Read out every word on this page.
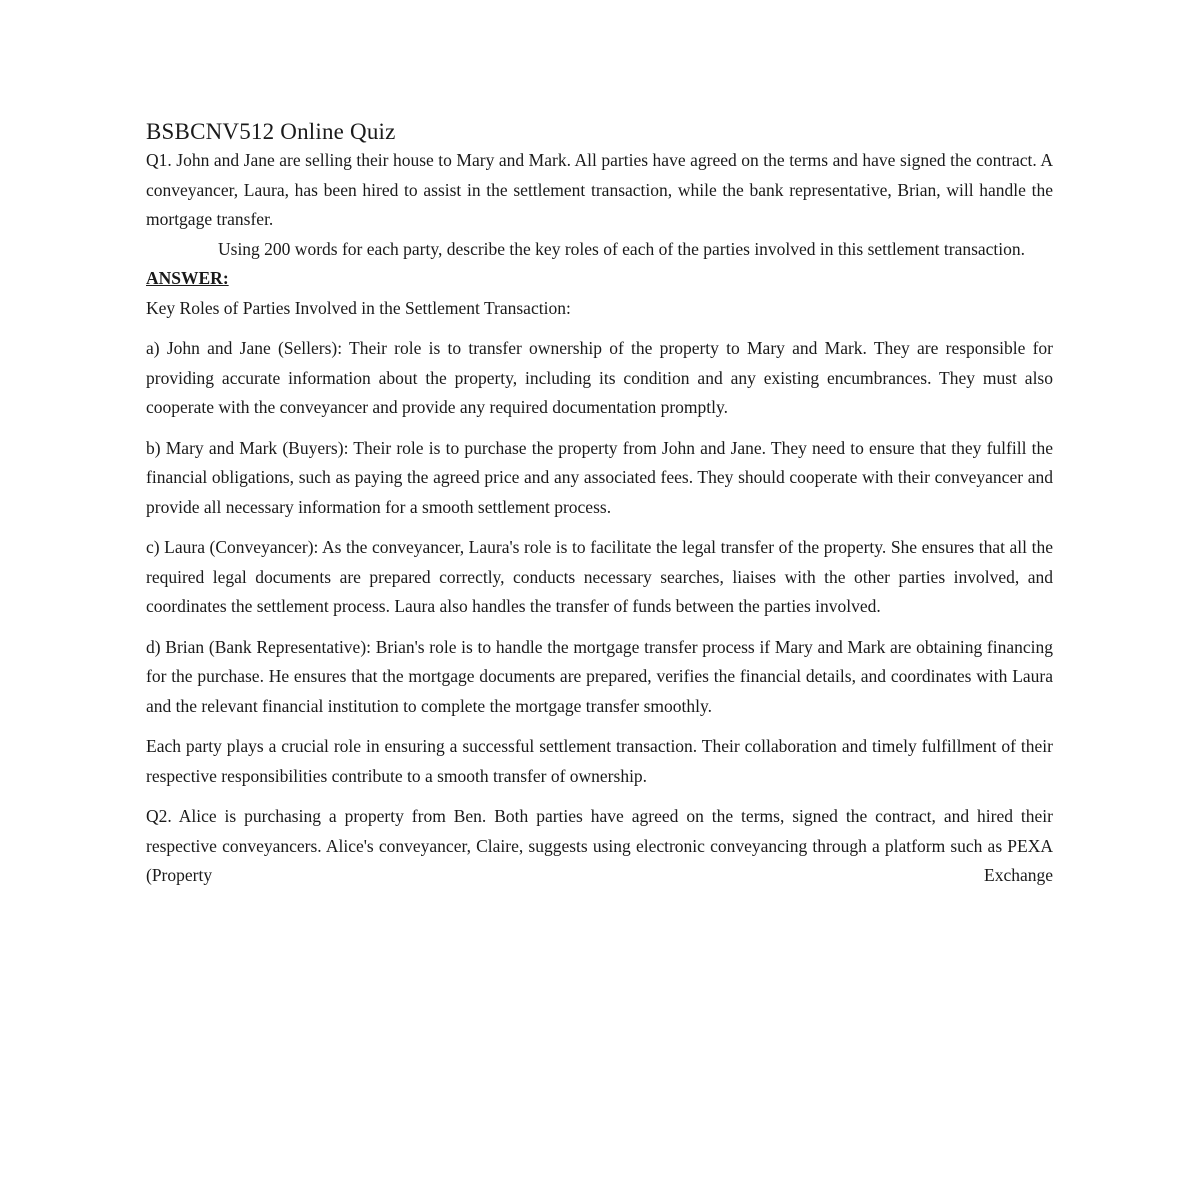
BSBCNV512 Online Quiz

Q1. John and Jane are selling their house to Mary and Mark. All parties have agreed on the terms and have signed the contract. A conveyancer, Laura, has been hired to assist in the settlement transaction, while the bank representative, Brian, will handle the mortgage transfer.

Using 200 words for each party, describe the key roles of each of the parties involved in this settlement transaction.

ANSWER:

Key Roles of Parties Involved in the Settlement Transaction:

a) John and Jane (Sellers): Their role is to transfer ownership of the property to Mary and Mark. They are responsible for providing accurate information about the property, including its condition and any existing encumbrances. They must also cooperate with the conveyancer and provide any required documentation promptly.

b) Mary and Mark (Buyers): Their role is to purchase the property from John and Jane. They need to ensure that they fulfill the financial obligations, such as paying the agreed price and any associated fees. They should cooperate with their conveyancer and provide all necessary information for a smooth settlement process.

c) Laura (Conveyancer): As the conveyancer, Laura's role is to facilitate the legal transfer of the property. She ensures that all the required legal documents are prepared correctly, conducts necessary searches, liaises with the other parties involved, and coordinates the settlement process. Laura also handles the transfer of funds between the parties involved.

d) Brian (Bank Representative): Brian's role is to handle the mortgage transfer process if Mary and Mark are obtaining financing for the purchase. He ensures that the mortgage documents are prepared, verifies the financial details, and coordinates with Laura and the relevant financial institution to complete the mortgage transfer smoothly.

Each party plays a crucial role in ensuring a successful settlement transaction. Their collaboration and timely fulfillment of their respective responsibilities contribute to a smooth transfer of ownership.

Q2. Alice is purchasing a property from Ben. Both parties have agreed on the terms, signed the contract, and hired their respective conveyancers. Alice's conveyancer, Claire, suggests using electronic conveyancing through a platform such as PEXA (Property Exchange
